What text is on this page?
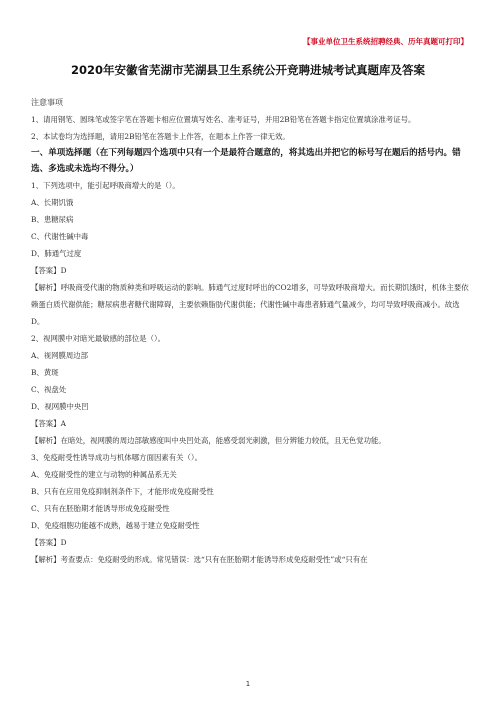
【事业单位卫生系统招聘经典、历年真题可打印】
2020年安徽省芜湖市芜湖县卫生系统公开竞聘进城考试真题库及答案

注意事项

1、请用钢笔、圆珠笔或签字笔在答题卡相应位置填写姓名、准考证号，并用2B铅笔在答题卡指定位置填涂准考证号。

2、本试卷均为选择题，请用2B铅笔在答题卡上作答，在题本上作答一律无效。

一、单项选择题（在下列每题四个选项中只有一个是最符合题意的，将其选出并把它的标号写在题后的括号内。错选、多选或未选均不得分。）

1、下列选项中，能引起呼吸商增大的是（）。

A、长期饥饿

B、患糖尿病

C、代谢性碱中毒

D、肺通气过度

【答案】D

【解析】呼吸商受代谢的物质种类和呼吸运动的影响。肺通气过度时呼出的CO2增多，可导致呼吸商增大。而长期饥饿时，机体主要依赖蛋白质代谢供能；糖尿病患者糖代谢障碍，主要依赖脂肪代谢供能；代谢性碱中毒患者肺通气量减少，均可导致呼吸商减小。故选D。

2、视网膜中对暗光最敏感的部位是（）。

A、视网膜周边部

B、黄斑

C、视盘处

D、视网膜中央凹

【答案】A

【解析】在暗处，视网膜的周边部敏感度叫中央凹处高，能感受弱光刺激，但分辨能力较低，且无色觉功能。

3、免疫耐受性诱导成功与机体哪方面因素有关（）。

A、免疫耐受性的建立与动物的种属品系无关

B、只有在应用免疫抑制剂条件下，才能形成免疫耐受性

C、只有在胚胎期才能诱导形成免疫耐受性

D、免疫细胞功能越不成熟，越易于建立免疫耐受性

【答案】D

【解析】考查要点：免疫耐受的形成。常见错误：选“只有在胚胎期才能诱导形成免疫耐受性”或“只有在

1
